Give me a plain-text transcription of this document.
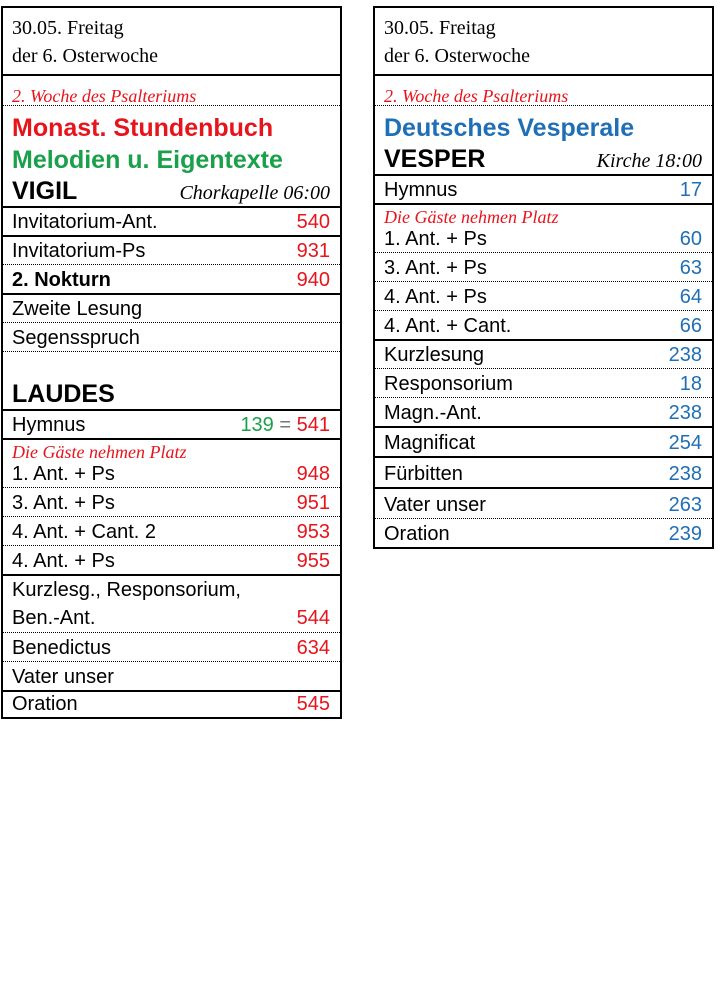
30.05. Freitag
der 6. Osterwoche
2. Woche des Psalteriums
Monast. Stundenbuch
Melodien u. Eigentexte
VIGIL	Chorkapelle 06:00
Invitatorium-Ant.	540
Invitatorium-Ps	931
2. Nokturn	940
Zweite Lesung
Segensspruch
LAUDES
Hymnus	139 = 541
Die Gäste nehmen Platz
1. Ant. + Ps	948
3. Ant. + Ps	951
4. Ant. + Cant. 2	953
4. Ant. + Ps	955
Kurzlesg., Responsorium,
Ben.-Ant.	544
Benedictus	634
Vater unser
Oration	545
30.05. Freitag
der 6. Osterwoche
2. Woche des Psalteriums
Deutsches Vesperale
VESPER	Kirche 18:00
Hymnus	17
Die Gäste nehmen Platz
1. Ant. + Ps	60
3. Ant. + Ps	63
4. Ant. + Ps	64
4. Ant. + Cant.	66
Kurzlesung	238
Responsorium	18
Magn.-Ant.	238
Magnificat	254
Fürbitten	238
Vater unser	263
Oration	239
